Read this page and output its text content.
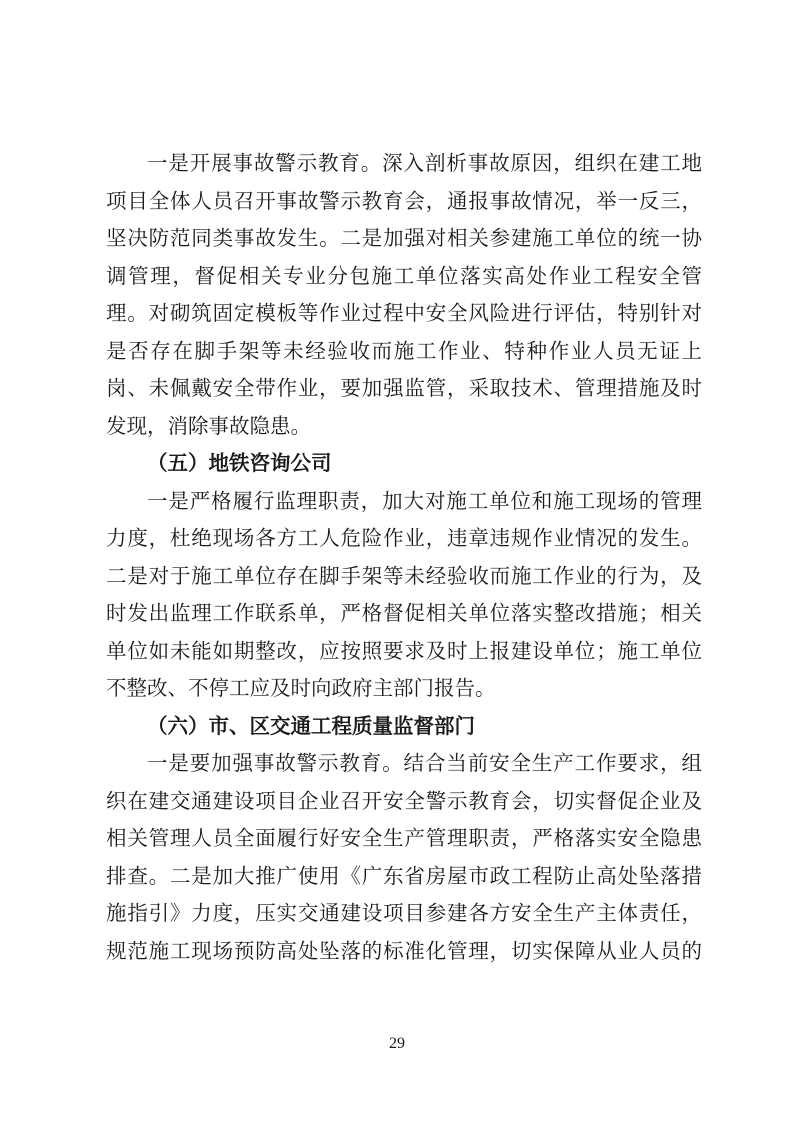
一是开展事故警示教育。深入剖析事故原因，组织在建工地
项目全体人员召开事故警示教育会，通报事故情况，举一反三，
坚决防范同类事故发生。二是加强对相关参建施工单位的统一协
调管理，督促相关专业分包施工单位落实高处作业工程安全管
理。对砌筑固定模板等作业过程中安全风险进行评估，特别针对
是否存在脚手架等未经验收而施工作业、特种作业人员无证上
岗、未佩戴安全带作业，要加强监管，采取技术、管理措施及时
发现，消除事故隐患。
（五）地铁咨询公司
一是严格履行监理职责，加大对施工单位和施工现场的管理
力度，杜绝现场各方工人危险作业，违章违规作业情况的发生。
二是对于施工单位存在脚手架等未经验收而施工作业的行为，及
时发出监理工作联系单，严格督促相关单位落实整改措施；相关
单位如未能如期整改，应按照要求及时上报建设单位；施工单位
不整改、不停工应及时向政府主部门报告。
（六）市、区交通工程质量监督部门
一是要加强事故警示教育。结合当前安全生产工作要求，组
织在建交通建设项目企业召开安全警示教育会，切实督促企业及
相关管理人员全面履行好安全生产管理职责，严格落实安全隐患
排查。二是加大推广使用《广东省房屋市政工程防止高处坠落措
施指引》力度，压实交通建设项目参建各方安全生产主体责任，
规范施工现场预防高处坠落的标准化管理，切实保障从业人员的
29
